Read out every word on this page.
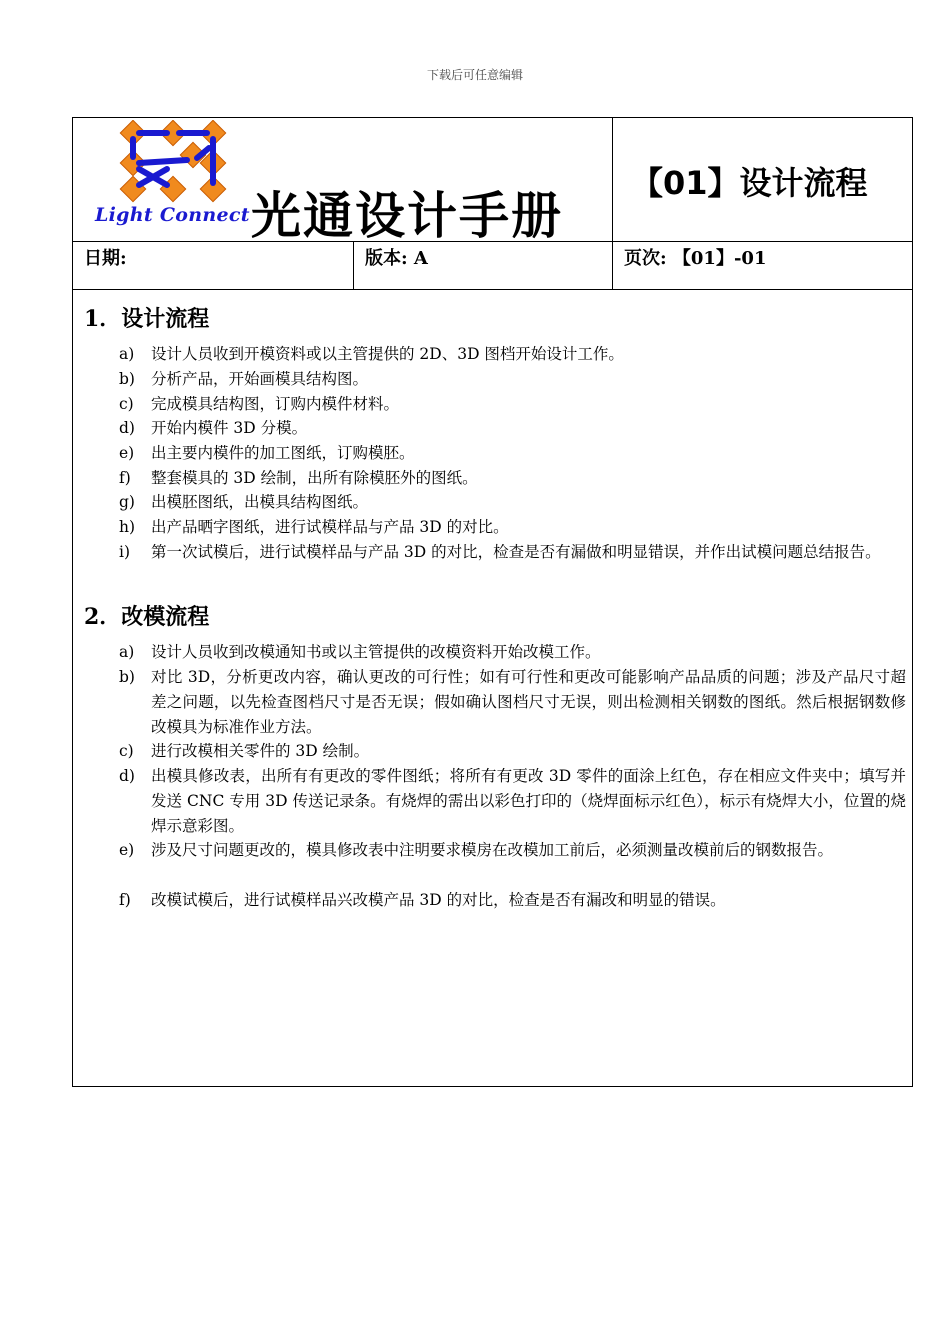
下载后可任意编辑
Light Connect 光通设计手册
【01】设计流程
日期:	版本: A	页次: 【01】-01
1．设计流程
a) 设计人员收到开模资料或以主管提供的 2D、3D 图档开始设计工作。
b) 分析产品，开始画模具结构图。
c) 完成模具结构图，订购内模件材料。
d) 开始内模件 3D 分模。
e) 出主要内模件的加工图纸，订购模胚。
f) 整套模具的 3D 绘制，出所有除模胚外的图纸。
g) 出模胚图纸，出模具结构图纸。
h) 出产品晒字图纸，进行试模样品与产品 3D 的对比。
i) 第一次试模后，进行试模样品与产品 3D 的对比，检查是否有漏做和明显错误，并作出试模问题总结报告。
2．改模流程
a) 设计人员收到改模通知书或以主管提供的改模资料开始改模工作。
b) 对比 3D，分析更改内容，确认更改的可行性；如有可行性和更改可能影响产品品质的问题；涉及产品尺寸超差之问题，以先检查图档尺寸是否无误；假如确认图档尺寸无误，则出检测相关钢数的图纸。然后根据钢数修改模具为标准作业方法。
c) 进行改模相关零件的 3D 绘制。
d) 出模具修改表，出所有有更改的零件图纸；将所有有更改 3D 零件的面涂上红色，存在相应文件夹中；填写并发送 CNC 专用 3D 传送记录条。有烧焊的需出以彩色打印的（烧焊面标示红色），标示有烧焊大小，位置的烧焊示意彩图。
e) 涉及尺寸问题更改的，模具修改表中注明要求模房在改模加工前后，必须测量改模前后的钢数报告。
f) 改模试模后，进行试模样品兴改模产品 3D 的对比，检查是否有漏改和明显的错误。
